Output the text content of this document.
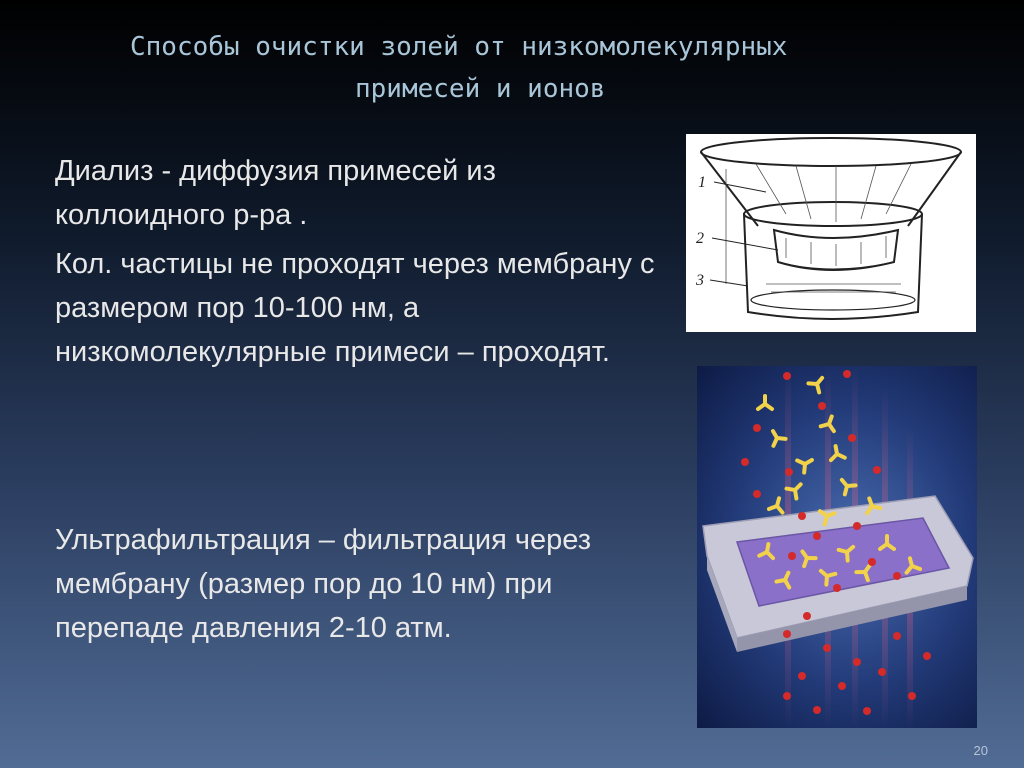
Способы очистки золей от низкомолекулярных
примесей и ионов
Диализ - диффузия примесей из коллоидного р-ра .
Кол. частицы не проходят через мембрану с размером пор 10-100 нм, а низкомолекулярные примеси – проходят.
Ультрафильтрация – фильтрация через мембрану (размер пор до 10 нм) при перепаде давления 2-10 атм.
1
2
3
20
